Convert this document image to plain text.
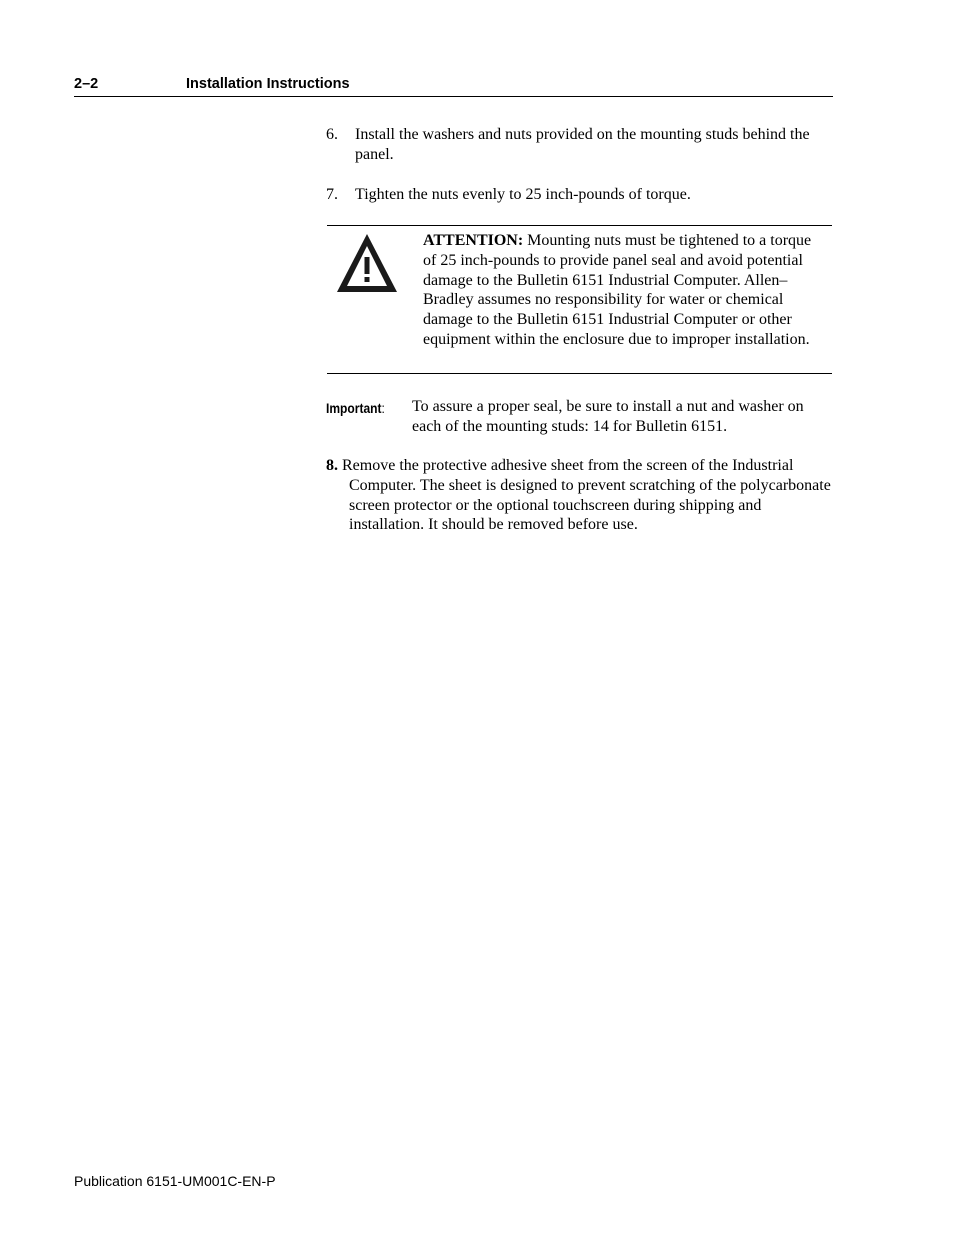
2–2	Installation Instructions
6. Install the washers and nuts provided on the mounting studs behind the panel.
7. Tighten the nuts evenly to 25 inch-pounds of torque.
ATTENTION: Mounting nuts must be tightened to a torque of 25 inch-pounds to provide panel seal and avoid potential damage to the Bulletin 6151 Industrial Computer. Allen–Bradley assumes no responsibility for water or chemical damage to the Bulletin 6151 Industrial Computer or other equipment within the enclosure due to improper installation.
Important: To assure a proper seal, be sure to install a nut and washer on each of the mounting studs: 14 for Bulletin 6151.
8. Remove the protective adhesive sheet from the screen of the Industrial Computer. The sheet is designed to prevent scratching of the polycarbonate screen protector or the optional touchscreen during shipping and installation. It should be removed before use.
Publication 6151-UM001C-EN-P
